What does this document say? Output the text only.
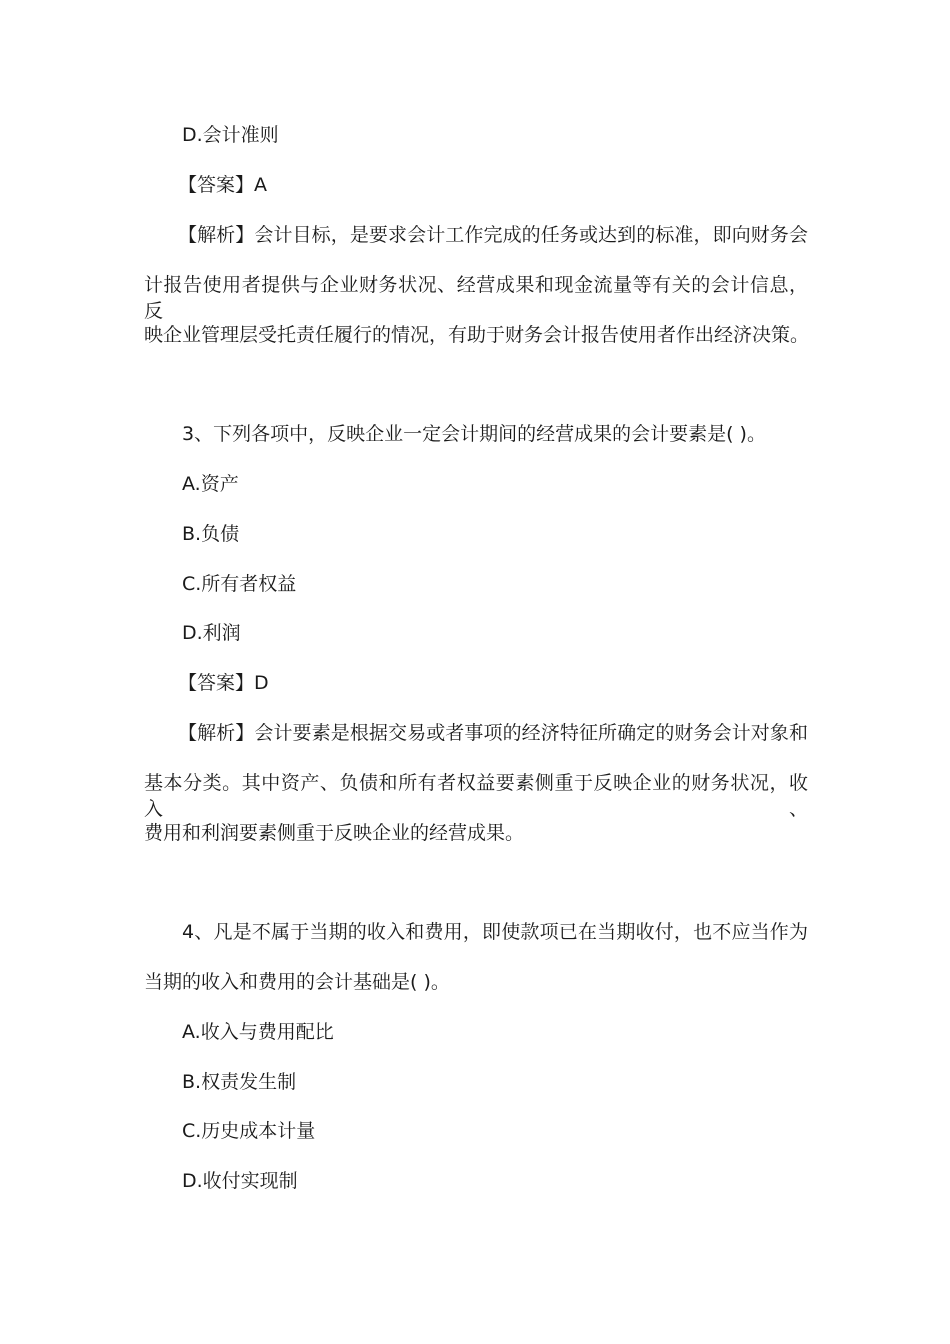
D.会计准则
【答案】A
【解析】会计目标，是要求会计工作完成的任务或达到的标准，即向财务会
计报告使用者提供与企业财务状况、经营成果和现金流量等有关的会计信息，反
映企业管理层受托责任履行的情况，有助于财务会计报告使用者作出经济决策。
3、下列各项中，反映企业一定会计期间的经营成果的会计要素是( )。
A.资产
B.负债
C.所有者权益
D.利润
【答案】D
【解析】会计要素是根据交易或者事项的经济特征所确定的财务会计对象和
基本分类。其中资产、负债和所有者权益要素侧重于反映企业的财务状况，收入、
费用和利润要素侧重于反映企业的经营成果。
4、凡是不属于当期的收入和费用，即使款项已在当期收付，也不应当作为
当期的收入和费用的会计基础是( )。
A.收入与费用配比
B.权责发生制
C.历史成本计量
D.收付实现制
